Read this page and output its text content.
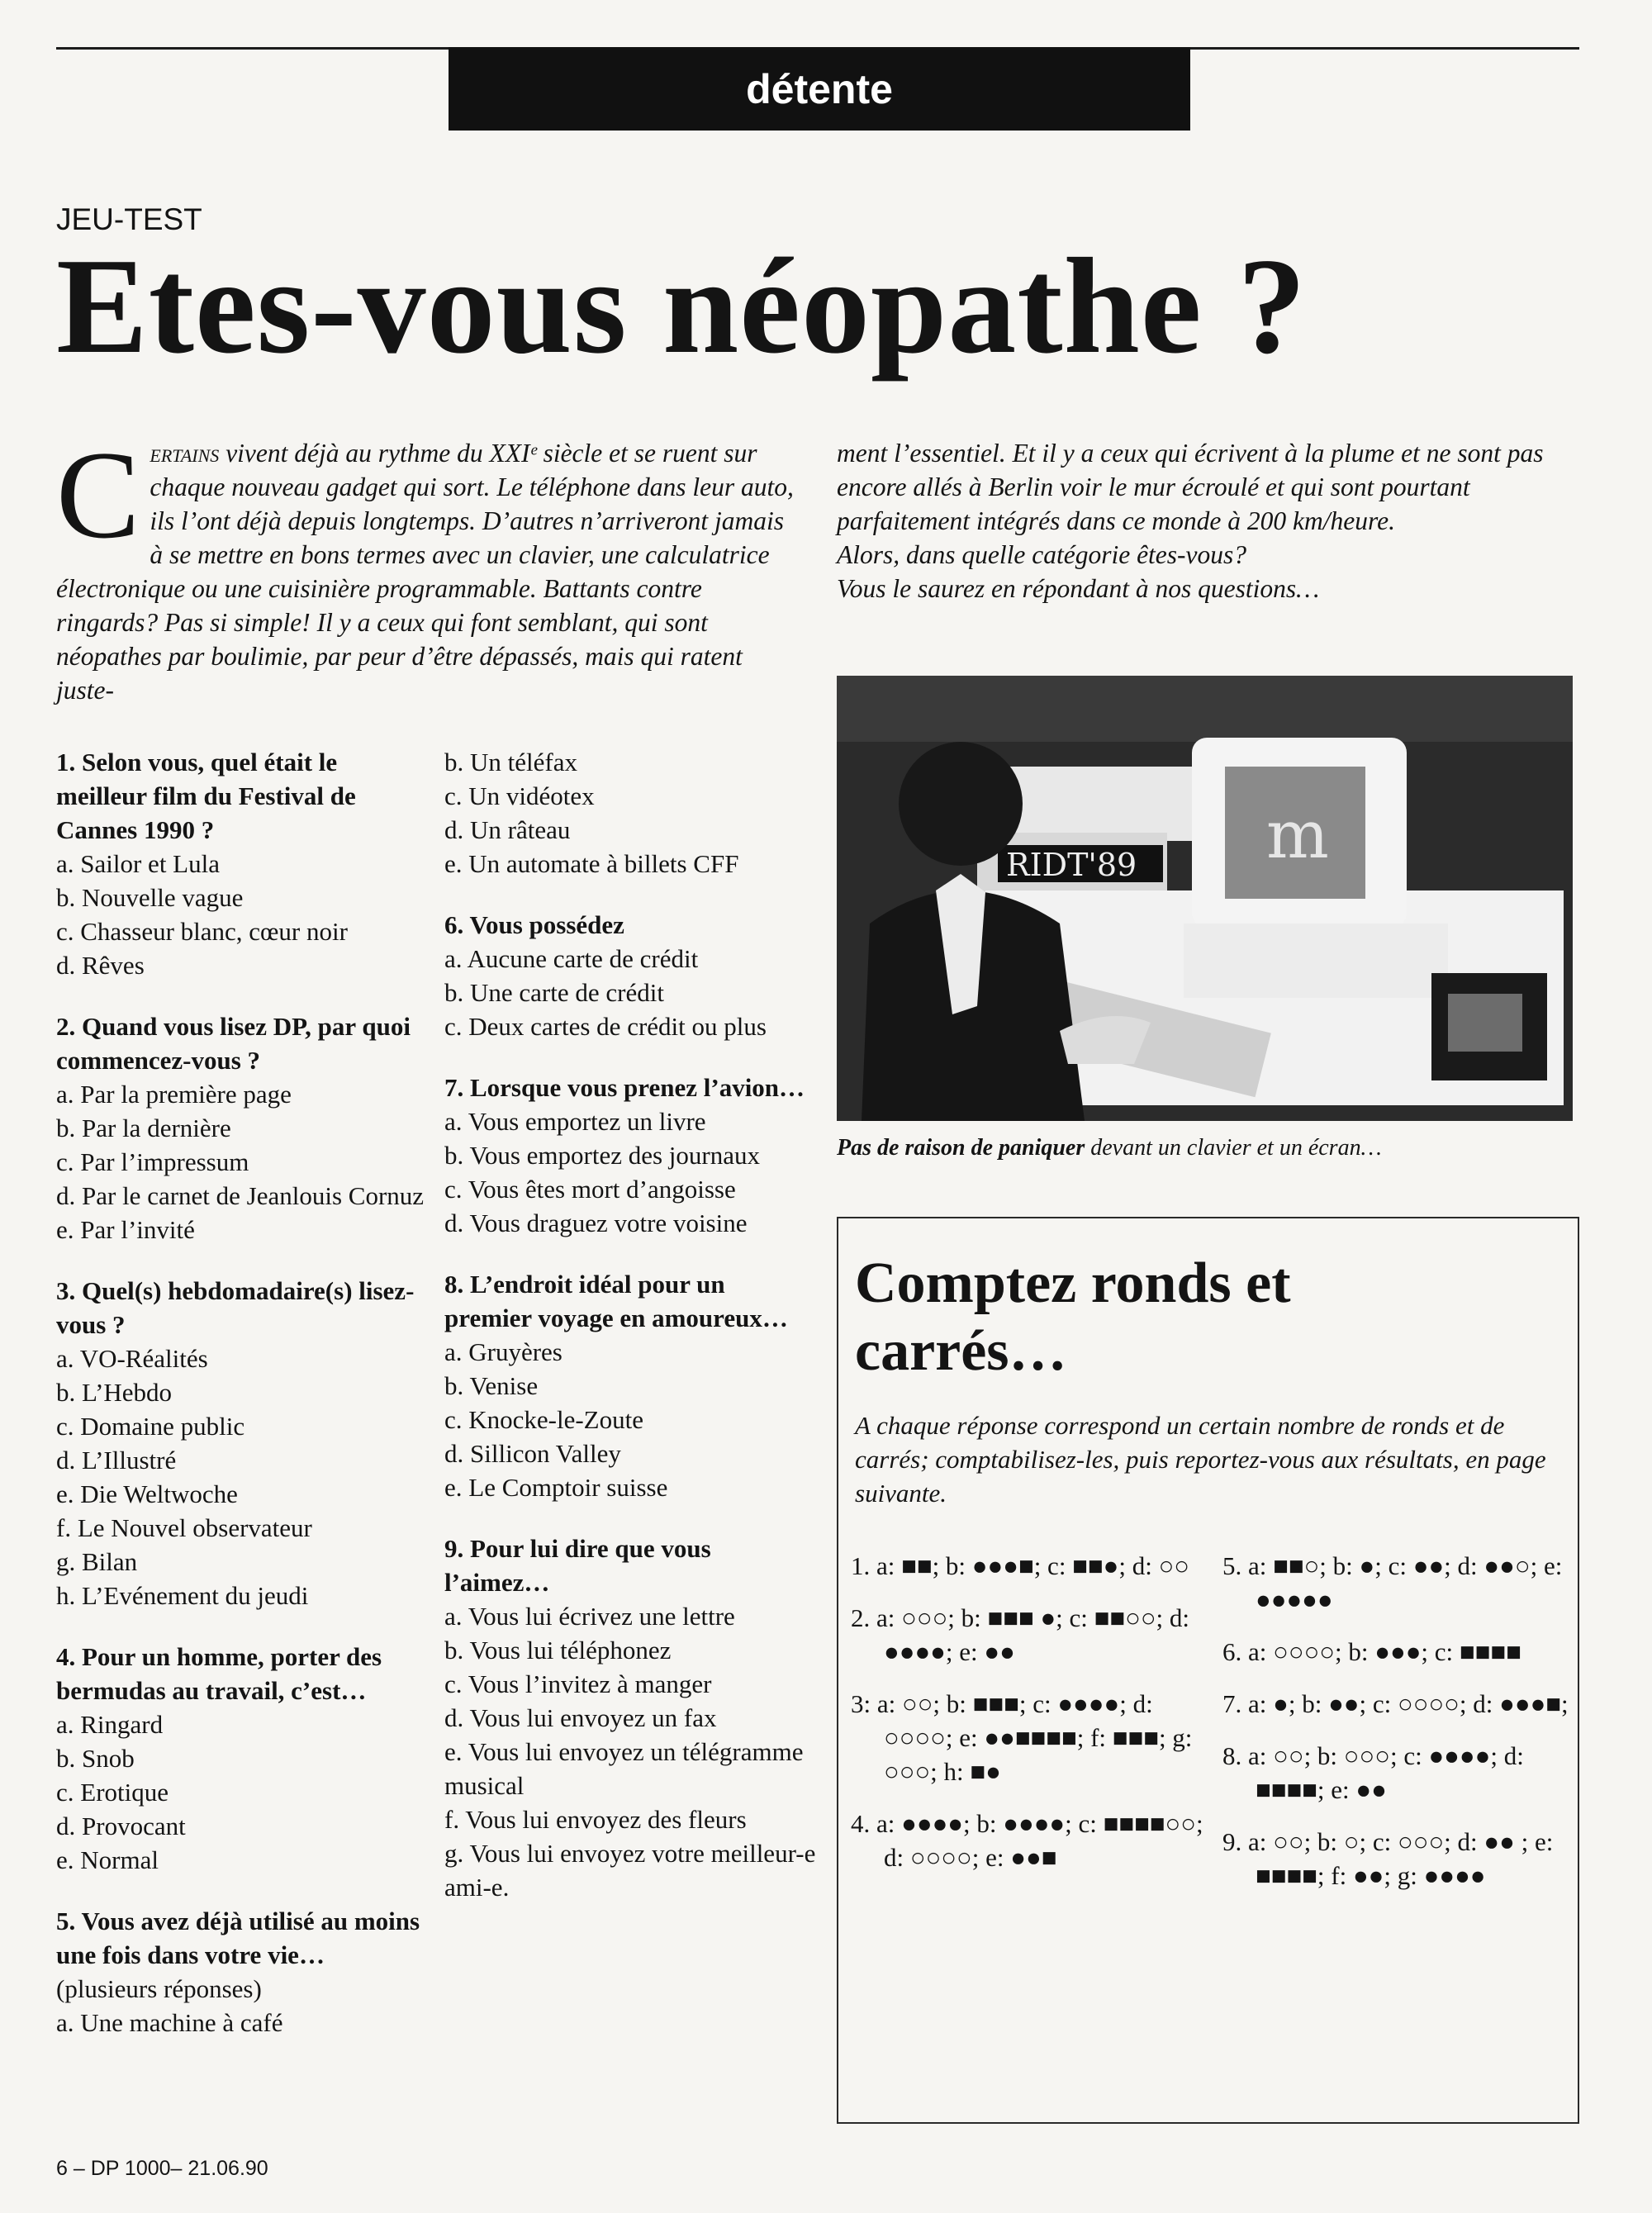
détente
JEU-TEST
Etes-vous néopathe ?

Certains vivent déjà au rythme du XXIᵉ siècle et se ruent sur chaque nouveau gadget qui sort. Le téléphone dans leur auto, ils l’ont déjà depuis longtemps. D’autres n’arriveront jamais à se mettre en bons termes avec un clavier, une calculatrice électronique ou une cuisinière programmable. Battants contre ringards? Pas si simple! Il y a ceux qui font semblant, qui sont néopathes par boulimie, par peur d’être dépassés, mais qui ratent juste-

ment l’essentiel. Et il y a ceux qui écrivent à la plume et ne sont pas encore allés à Berlin voir le mur écroulé et qui sont pourtant parfaitement intégrés dans ce monde à 200 km/heure.

Alors, dans quelle catégorie êtes-vous?

Vous le saurez en répondant à nos questions…

1. Selon vous, quel était le meilleur film du Festival de Cannes 1990 ?
a. Sailor et Lula
b. Nouvelle vague
c. Chasseur blanc, cœur noir
d. Rêves
2. Quand vous lisez DP, par quoi commencez-vous ?
a. Par la première page
b. Par la dernière
c. Par l’impressum
d. Par le carnet de Jeanlouis Cornuz
e. Par l’invité
3. Quel(s) hebdomadaire(s) lisez-vous ?
a. VO-Réalités
b. L’Hebdo
c. Domaine public
d. L’Illustré
e. Die Weltwoche
f. Le Nouvel observateur
g. Bilan
h. L’Evénement du jeudi
4. Pour un homme, porter des bermudas au travail, c’est…
a. Ringard
b. Snob
c. Erotique
d. Provocant
e. Normal
5. Vous avez déjà utilisé au moins une fois dans votre vie… (plusieurs réponses)
a. Une machine à café
b. Un téléfax
c. Un vidéotex
d. Un râteau
e. Un automate à billets CFF
6. Vous possédez
a. Aucune carte de crédit
b. Une carte de crédit
c. Deux cartes de crédit ou plus
7. Lorsque vous prenez l’avion…
a. Vous emportez un livre
b. Vous emportez des journaux
c. Vous êtes mort d’angoisse
d. Vous draguez votre voisine
8. L’endroit idéal pour un premier voyage en amoureux…
a. Gruyères
b. Venise
c. Knocke-le-Zoute
d. Sillicon Valley
e. Le Comptoir suisse
9. Pour lui dire que vous l’aimez…
a. Vous lui écrivez une lettre
b. Vous lui téléphonez
c. Vous l’invitez à manger
d. Vous lui envoyez un fax
e. Vous lui envoyez un télégramme musical
f. Vous lui envoyez des fleurs
g. Vous lui envoyez votre meilleur-e ami-e.
m
RIDT'89
Pas de raison de paniquer devant un clavier et un écran…
Comptez ronds et carrés…
A chaque réponse correspond un certain nombre de ronds et de carrés; comptabilisez-les, puis reportez-vous aux résultats, en page suivante.
1. a: ■■; b: ●●●■; c: ■■●; d: ○○
2. a: ○○○; b: ■■■ ●; c: ■■○○; d: ●●●●; e: ●●
3: a: ○○; b: ■■■; c: ●●●●; d: ○○○○; e: ●●■■■■; f: ■■■; g: ○○○; h: ■●
4. a: ●●●●; b: ●●●●; c: ■■■■○○; d: ○○○○; e: ●●■
5. a: ■■○; b: ●; c: ●●; d: ●●○; e: ●●●●●
6. a: ○○○○; b: ●●●; c: ■■■■
7. a: ●; b: ●●; c: ○○○○; d: ●●●■;
8. a: ○○; b: ○○○; c: ●●●●; d: ■■■■; e: ●●
9. a: ○○; b: ○; c: ○○○; d: ●● ; e: ■■■■; f: ●●; g: ●●●●
6 – DP 1000– 21.06.90
